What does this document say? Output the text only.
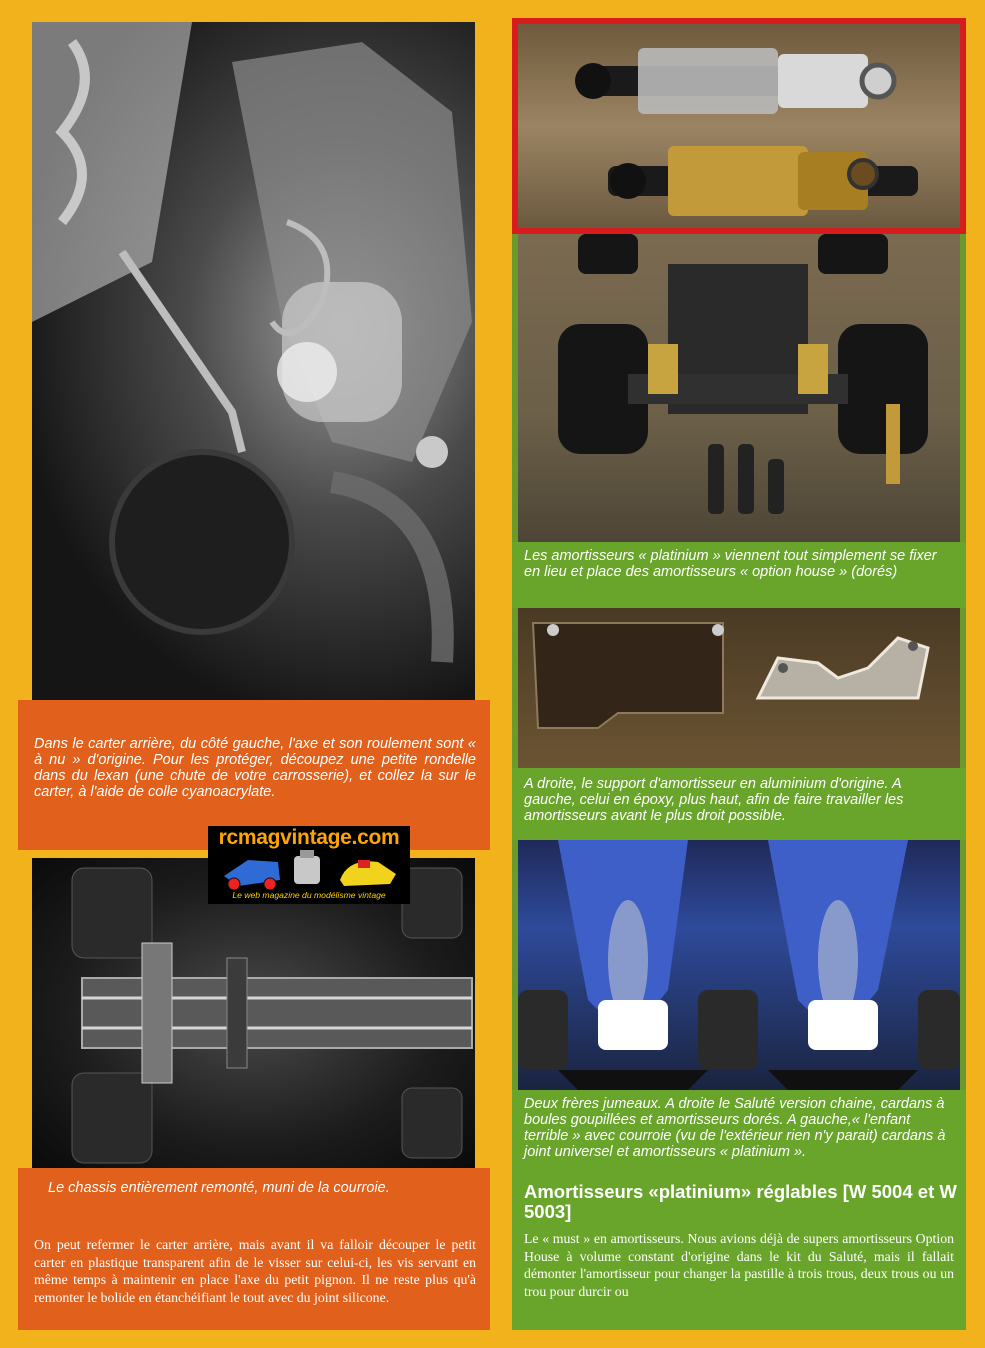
Dans le carter arrière, du côté gauche, l'axe et son roulement sont « à nu » d'origine. Pour les protéger, découpez une petite rondelle dans du lexan (une chute de votre carrosserie), et collez la sur le carter, à l'aide de colle cyanoacrylate.

Le chassis entièrement remonté, muni de la courroie.

On peut refermer le carter arrière, mais avant il va falloir découper le petit carter en plastique transparent afin de le visser sur celui-ci, les vis servant en même temps à maintenir en place l'axe du petit pignon. Il ne reste plus qu'à remonter le bolide en étanchéifiant le tout avec du joint silicone.

Les amortisseurs « platinium » viennent tout simplement se fixer en lieu et place des amortisseurs « option house » (dorés)

A droite, le support d'amortisseur en aluminium d'origine. A gauche, celui en époxy, plus haut, afin de faire travailler les amortisseurs avant le plus droit possible.

Deux frères jumeaux. A droite le Saluté version chaine, cardans à boules goupillées et amortisseurs dorés. A gauche,« l'enfant terrible » avec courroie (vu de l'extérieur rien n'y parait) cardans à joint universel et amortisseurs « platinium ».

Amortisseurs «platinium» réglables [W 5004 et W 5003]

Le « must » en amortisseurs. Nous avions déjà de supers amortisseurs Option House à volume constant d'origine dans le kit du Saluté, mais il fallait démonter l'amortisseur pour changer la pastille à trois trous, deux trous ou un trou pour durcir ou

rcmagvintage.com
Le web magazine du modélisme vintage
